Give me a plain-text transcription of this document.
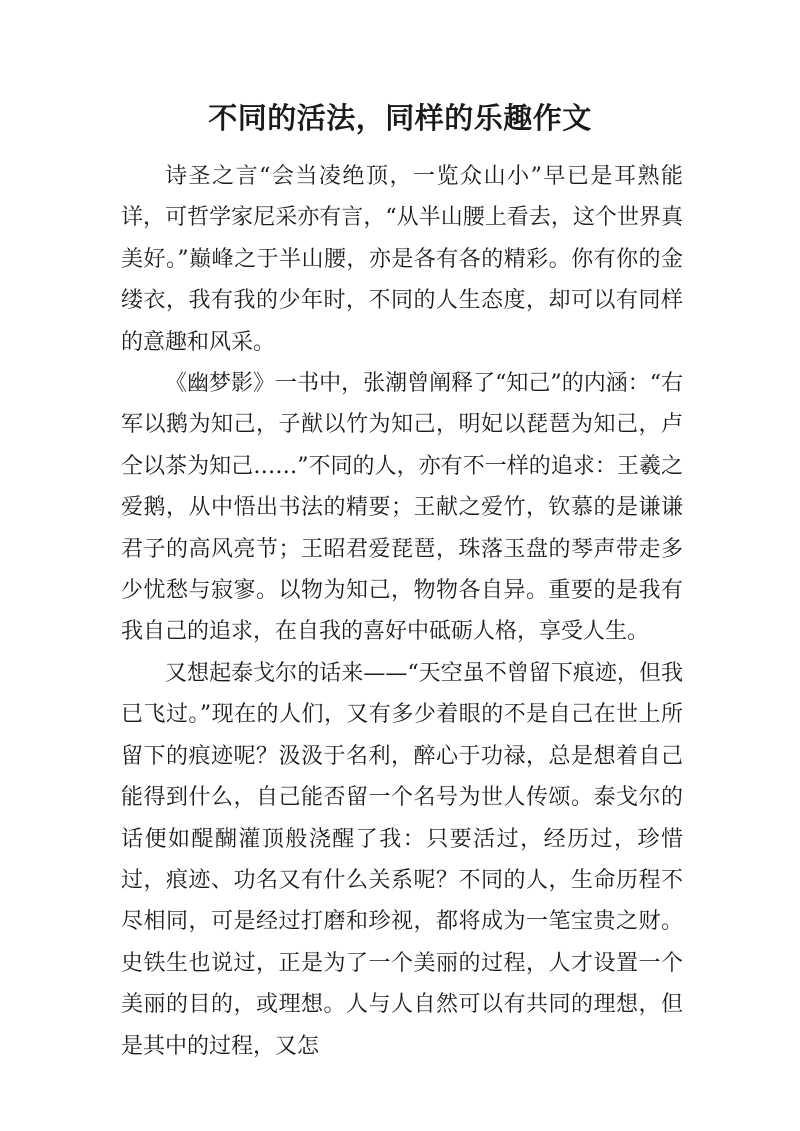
不同的活法，同样的乐趣作文

诗圣之言“会当凌绝顶，一览众山小”早已是耳熟能详，可哲学家尼采亦有言，“从半山腰上看去，这个世界真美好。”巅峰之于半山腰，亦是各有各的精彩。你有你的金缕衣，我有我的少年时，不同的人生态度，却可以有同样的意趣和风采。

《幽梦影》一书中，张潮曾阐释了“知己”的内涵：“右军以鹅为知己，子猷以竹为知己，明妃以琵琶为知己，卢仝以茶为知己……”不同的人，亦有不一样的追求：王羲之爱鹅，从中悟出书法的精要；王献之爱竹，钦慕的是谦谦君子的高风亮节；王昭君爱琵琶，珠落玉盘的琴声带走多少忧愁与寂寥。以物为知己，物物各自异。重要的是我有我自己的追求，在自我的喜好中砥砺人格，享受人生。

又想起泰戈尔的话来——“天空虽不曾留下痕迹，但我已飞过。”现在的人们，又有多少着眼的不是自己在世上所留下的痕迹呢？汲汲于名利，醉心于功禄，总是想着自己能得到什么，自己能否留一个名号为世人传颂。泰戈尔的话便如醍醐灌顶般浇醒了我：只要活过，经历过，珍惜过，痕迹、功名又有什么关系呢？不同的人，生命历程不尽相同，可是经过打磨和珍视，都将成为一笔宝贵之财。史铁生也说过，正是为了一个美丽的过程，人才设置一个美丽的目的，或理想。人与人自然可以有共同的理想，但是其中的过程，又怎
